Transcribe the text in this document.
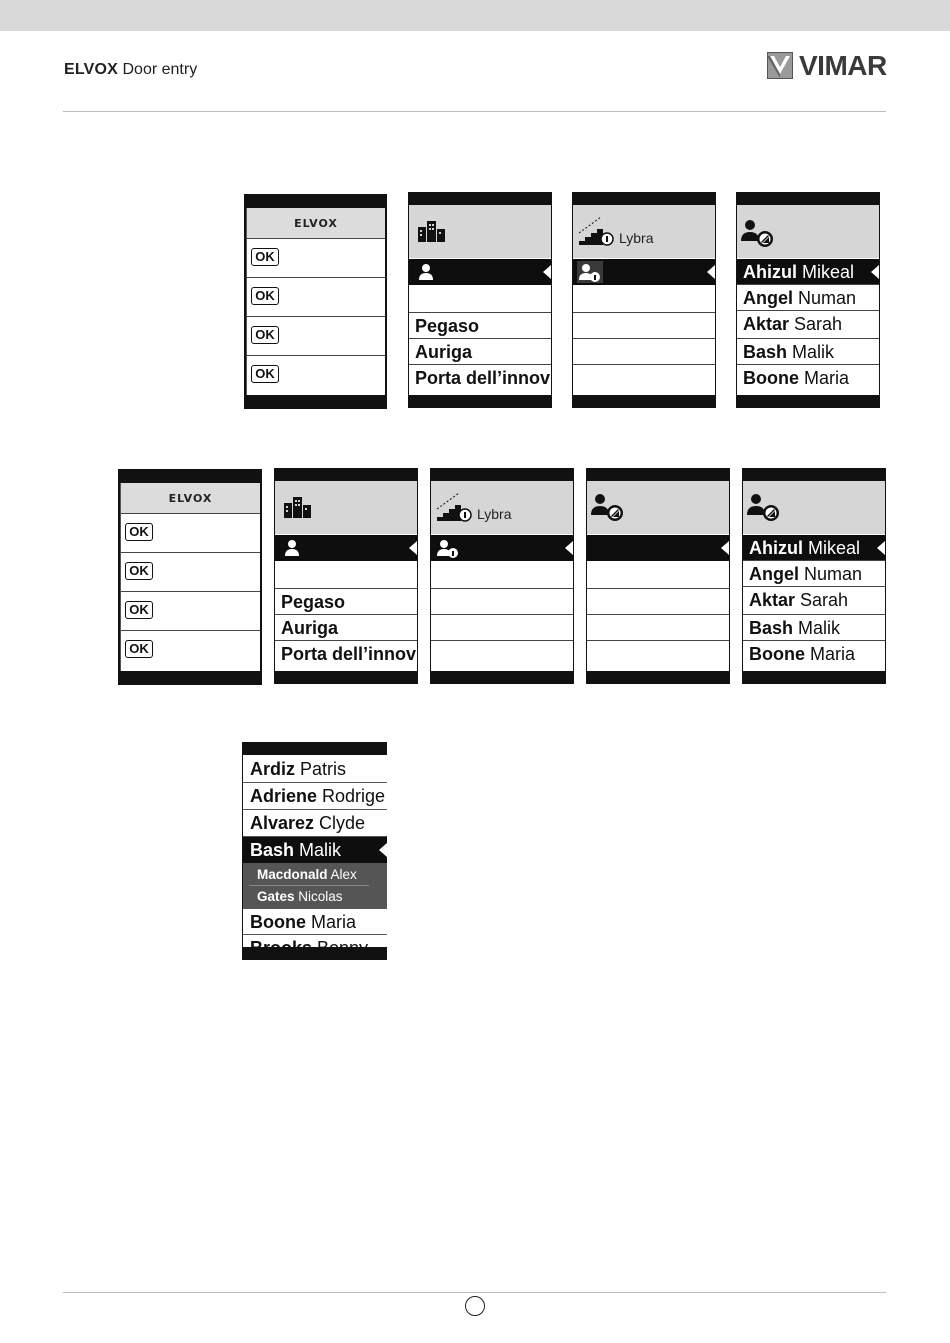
ELVOX Door entry	VIMAR
ELVOX
OK
OK
OK
OK
Pegaso
Auriga
Porta dell’innov
Lybra
Ahizul Mikeal
Angel Numan
Aktar Sarah
Bash Malik
Boone Maria
ELVOX
OK
OK
OK
OK
Pegaso
Auriga
Porta dell’innov
Lybra
Ahizul Mikeal
Angel Numan
Aktar Sarah
Bash Malik
Boone Maria
Ardiz Patris
Adriene Rodrige
Alvarez Clyde
Bash Malik
Macdonald Alex
Gates Nicolas
Boone Maria
Brooks Bonny
